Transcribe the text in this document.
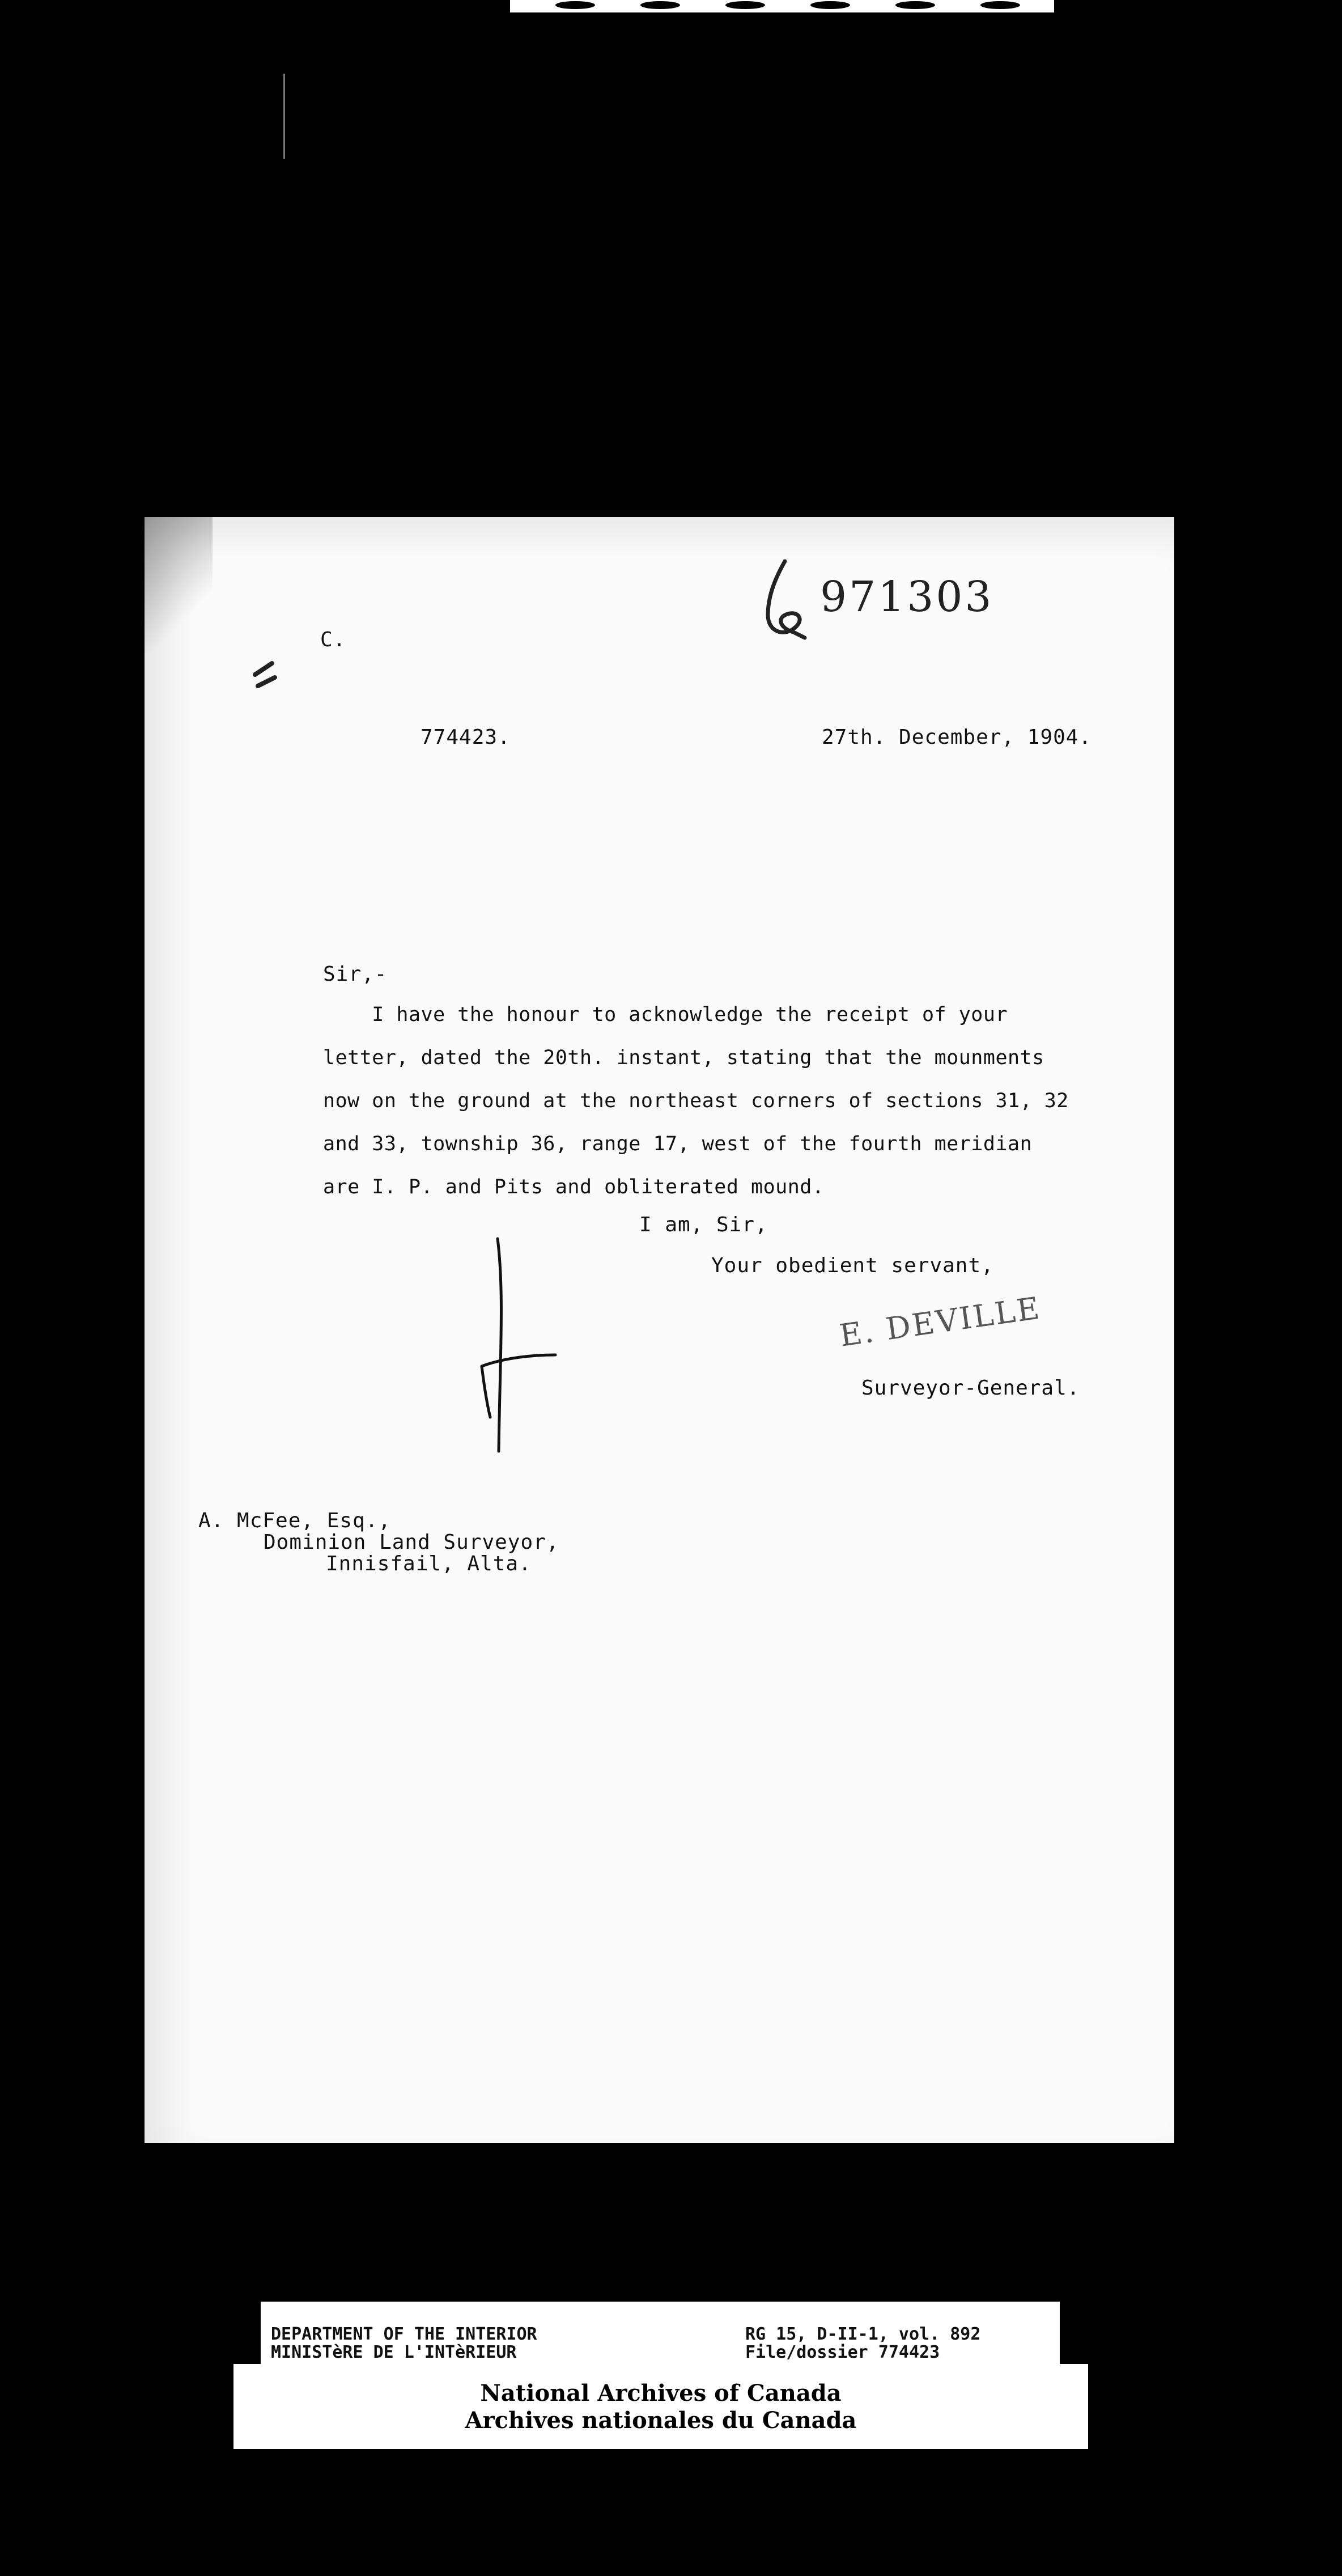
971303
C.
774423.	27th. December, 1904.
Sir,-
I have the honour to acknowledge the receipt of your
letter, dated the 20th. instant, stating that the mounments
now on the ground at the northeast corners of sections 31, 32
and 33, township 36, range 17, west of the fourth meridian
are I. P. and Pits and obliterated mound.
I am, Sir,
Your obedient servant,
E. DEVILLE
Surveyor-General.
A. McFee, Esq.,
Dominion Land Surveyor,
Innisfail, Alta.
DEPARTMENT OF THE INTERIOR
MINISTèRE DE L'INTèRIEUR
RG 15, D-II-1, vol. 892
File/dossier 774423
National Archives of Canada
Archives nationales du Canada
